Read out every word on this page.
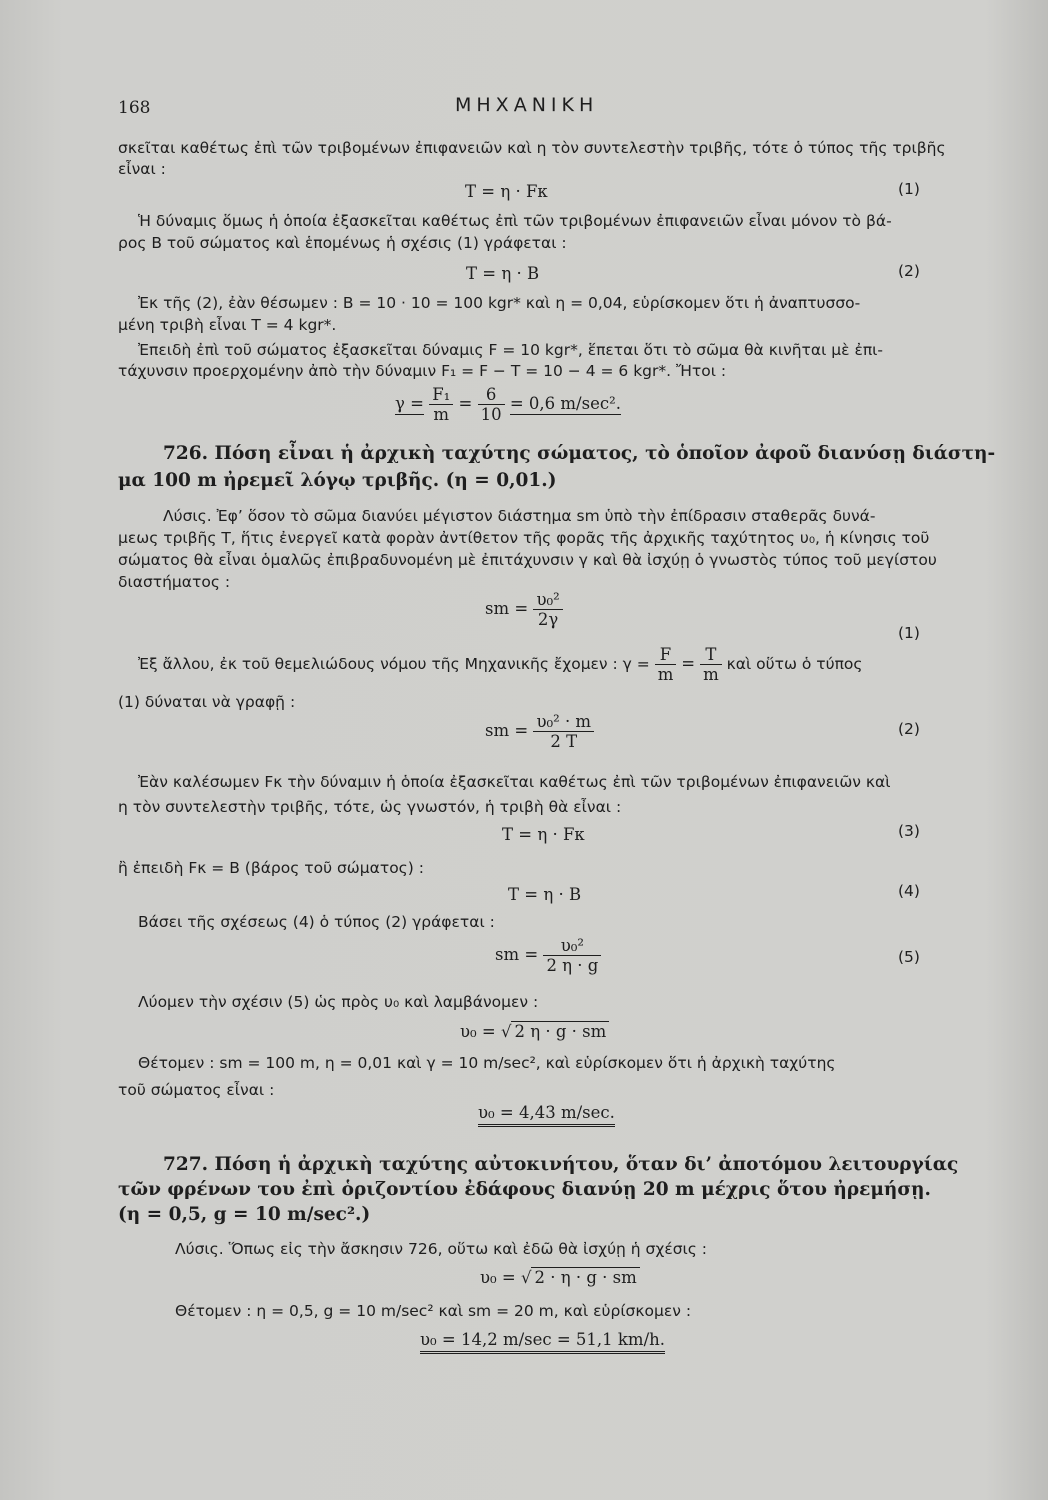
168	ΜΗΧΑΝΙΚΗ
σκεῖται καθέτως ἐπὶ τῶν τριβομένων ἐπιφανειῶν καὶ η τὸν συντελεστὴν τριβῆς, τότε ὁ τύπος τῆς τριβῆς
εἶναι :
T = η · Fκ	(1)
Ἡ δύναμις ὅμως ἡ ὁποία ἐξασκεῖται καθέτως ἐπὶ τῶν τριβομένων ἐπιφανειῶν εἶναι μόνον τὸ βά-
ρος B τοῦ σώματος καὶ ἑπομένως ἡ σχέσις (1) γράφεται :
T = η · B	(2)
Ἐκ τῆς (2), ἐὰν θέσωμεν : B = 10 · 10 = 100 kgr* καὶ η = 0,04, εὑρίσκομεν ὅτι ἡ ἀναπτυσσο-
μένη τριβὴ εἶναι T = 4 kgr*.
Ἐπειδὴ ἐπὶ τοῦ σώματος ἐξασκεῖται δύναμις F = 10 kgr*, ἕπεται ὅτι τὸ σῶμα θὰ κινῆται μὲ ἐπι-
τάχυνσιν προερχομένην ἀπὸ τὴν δύναμιν F₁ = F − T = 10 − 4 = 6 kgr*. Ἤτοι :
$\gamma = \frac{\text{F₁}}{m} = \frac{6}{10} = 0,6$ m/sec².
726. Πόση εἶναι ἡ ἀρχικὴ ταχύτης σώματος, τὸ ὁποῖον ἀφοῦ διανύσῃ διάστη-
μα 100 m ἠρεμεῖ λόγῳ τριβῆς. (η = 0,01.)
Λύσις. Ἐφ’ ὅσον τὸ σῶμα διανύει μέγιστον διάστημα sm ὑπὸ τὴν ἐπίδρασιν σταθερᾶς δυνά-
μεως τριβῆς T, ἥτις ἐνεργεῖ κατὰ φορὰν ἀντίθετον τῆς φορᾶς τῆς ἀρχικῆς ταχύτητος υ₀, ἡ κίνησις τοῦ
σώματος θὰ εἶναι ὁμαλῶς ἐπιβραδυνομένη μὲ ἐπιτάχυνσιν γ καὶ θὰ ἰσχύῃ ὁ γνωστὸς τύπος τοῦ μεγίστου
διαστήματος :
sm = $\frac{\text{υ₀²}}{2\gamma}$
(1)
Ἐξ ἄλλου, ἐκ τοῦ θεμελιώδους νόμου τῆς Μηχανικῆς ἔχομεν : $\gamma = \frac{F}{m} = \frac{T}{m}$ καὶ οὕτω ὁ τύπος
(1) δύναται νὰ γραφῇ :
sm = $\frac{\text{υ₀² · m}}{2 T}$	(2)
Ἐὰν καλέσωμεν Fκ τὴν δύναμιν ἡ ὁποία ἐξασκεῖται καθέτως ἐπὶ τῶν τριβομένων ἐπιφανειῶν καὶ
η τὸν συντελεστὴν τριβῆς, τότε, ὡς γνωστόν, ἡ τριβὴ θὰ εἶναι :
T = η · Fκ	(3)
ἢ ἐπειδὴ Fκ = B (βάρος τοῦ σώματος) :
T = η · B	(4)
Βάσει τῆς σχέσεως (4) ὁ τύπος (2) γράφεται :
sm = $\frac{\text{υ₀²}}{2 \eta \cdot g}$	(5)
Λύομεν τὴν σχέσιν (5) ὡς πρὸς υ₀ καὶ λαμβάνομεν :
υ₀ = √ 2 η · g · sm
Θέτομεν : sm = 100 m, η = 0,01 καὶ γ = 10 m/sec², καὶ εὑρίσκομεν ὅτι ἡ ἀρχικὴ ταχύτης
τοῦ σώματος εἶναι :
υ₀ = 4,43 m/sec.
727. Πόση ἡ ἀρχικὴ ταχύτης αὐτοκινήτου, ὅταν δι’ ἀποτόμου λειτουργίας
τῶν φρένων του ἐπὶ ὁριζοντίου ἐδάφους διανύῃ 20 m μέχρις ὅτου ἠρεμήσῃ.
(η = 0,5, g = 10 m/sec².)
Λύσις. Ὅπως εἰς τὴν ἄσκησιν 726, οὕτω καὶ ἐδῶ θὰ ἰσχύῃ ἡ σχέσις :
υ₀ = √ 2 · η · g · sm
Θέτομεν : η = 0,5, g = 10 m/sec² καὶ sm = 20 m, καὶ εὑρίσκομεν :
υ₀ = 14,2 m/sec = 51,1 km/h.
